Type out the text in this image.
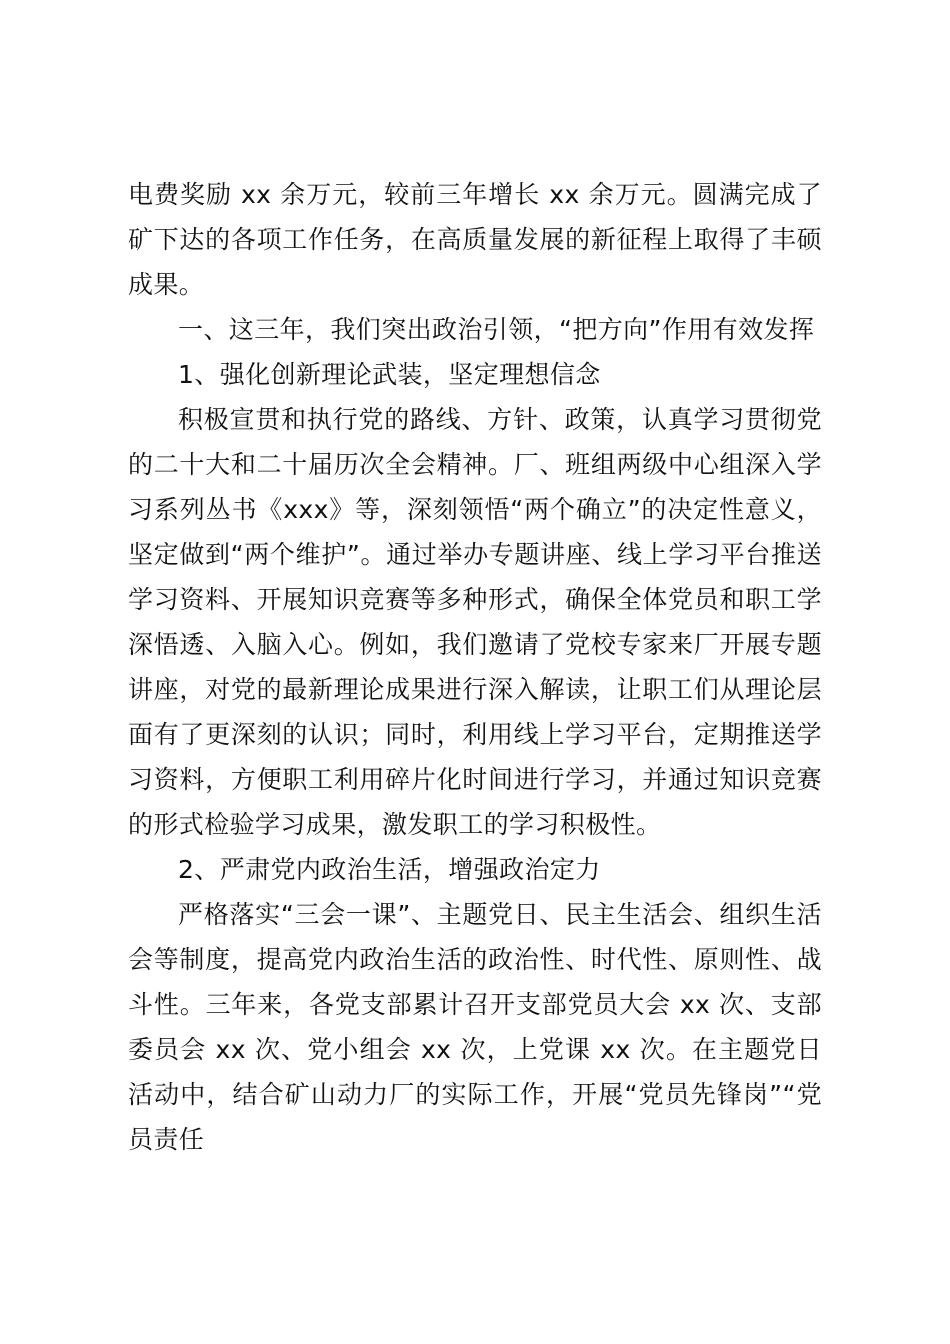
电费奖励 xx 余万元，较前三年增长 xx 余万元。圆满完成了矿下达的各项工作任务，在高质量发展的新征程上取得了丰硕成果。

一、这三年，我们突出政治引领，“把方向”作用有效发挥

1、强化创新理论武装，坚定理想信念

积极宣贯和执行党的路线、方针、政策，认真学习贯彻党的二十大和二十届历次全会精神。厂、班组两级中心组深入学习系列丛书《xxx》等，深刻领悟“两个确立”的决定性意义，坚定做到“两个维护”。通过举办专题讲座、线上学习平台推送学习资料、开展知识竞赛等多种形式，确保全体党员和职工学深悟透、入脑入心。例如，我们邀请了党校专家来厂开展专题讲座，对党的最新理论成果进行深入解读，让职工们从理论层面有了更深刻的认识；同时，利用线上学习平台，定期推送学习资料，方便职工利用碎片化时间进行学习，并通过知识竞赛的形式检验学习成果，激发职工的学习积极性。

2、严肃党内政治生活，增强政治定力

严格落实“三会一课”、主题党日、民主生活会、组织生活会等制度，提高党内政治生活的政治性、时代性、原则性、战斗性。三年来，各党支部累计召开支部党员大会 xx 次、支部委员会 xx 次、党小组会 xx 次，上党课 xx 次。在主题党日活动中，结合矿山动力厂的实际工作，开展“党员先锋岗”“党员责任
